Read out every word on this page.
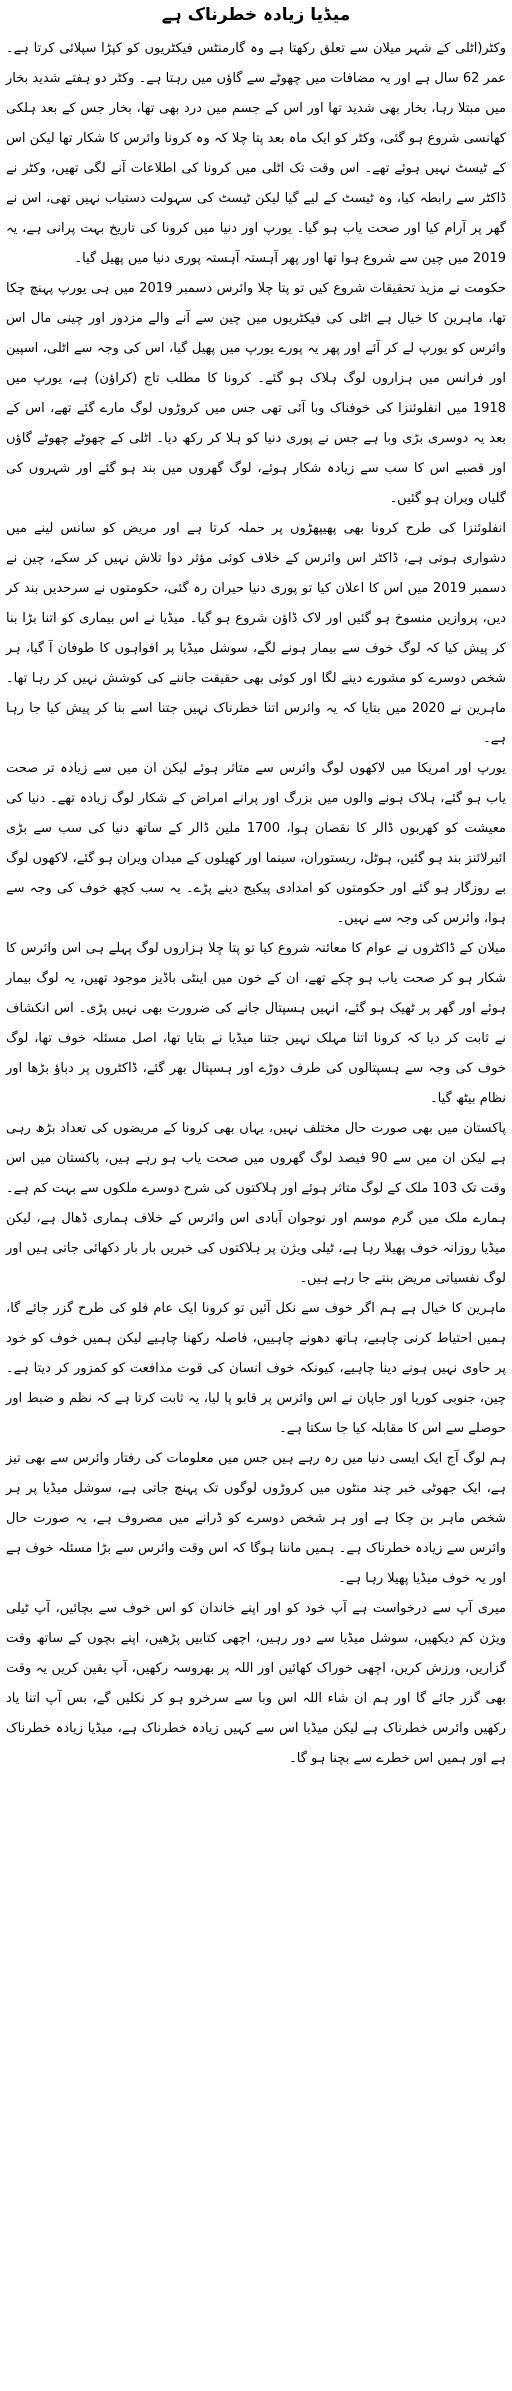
میڈیا زیادہ خطرناک ہے

وکٹر(اٹلی کے شہر میلان سے تعلق رکھتا ہے وہ گارمنٹس فیکٹریوں کو کپڑا سپلائی کرتا ہے۔ عمر 62 سال ہے اور یہ مضافات میں چھوٹے سے گاؤں میں رہتا ہے۔ وکٹر دو ہفتے شدید بخار میں مبتلا رہا، بخار بھی شدید تھا اور اس کے جسم میں درد بھی تھا، بخار جس کے بعد ہلکی کھانسی شروع ہو گئی، وکٹر کو ایک ماہ بعد پتا چلا کہ وہ کرونا وائرس کا شکار تھا لیکن اس کے ٹیسٹ نہیں ہوئے تھے۔ اس وقت تک اٹلی میں کرونا کی اطلاعات آنے لگی تھیں، وکٹر نے ڈاکٹر سے رابطہ کیا، وہ ٹیسٹ کے لیے گیا لیکن ٹیسٹ کی سہولت دستیاب نہیں تھی، اس نے گھر پر آرام کیا اور صحت یاب ہو گیا۔ یورپ اور دنیا میں کرونا کی تاریخ بہت پرانی ہے، یہ 2019 میں چین سے شروع ہوا تھا اور پھر آہستہ آہستہ پوری دنیا میں پھیل گیا۔

حکومت نے مزید تحقیقات شروع کیں تو پتا چلا وائرس دسمبر 2019 میں ہی یورپ پہنچ چکا تھا، ماہرین کا خیال ہے اٹلی کی فیکٹریوں میں چین سے آنے والے مزدور اور چینی مال اس وائرس کو یورپ لے کر آئے اور پھر یہ پورے یورپ میں پھیل گیا، اس کی وجہ سے اٹلی، اسپین اور فرانس میں ہزاروں لوگ ہلاک ہو گئے۔ کرونا کا مطلب تاج (کراؤن) ہے، یورپ میں 1918 میں انفلوئنزا کی خوفناک وبا آئی تھی جس میں کروڑوں لوگ مارے گئے تھے، اس کے بعد یہ دوسری بڑی وبا ہے جس نے پوری دنیا کو ہلا کر رکھ دیا۔ اٹلی کے چھوٹے چھوٹے گاؤں اور قصبے اس کا سب سے زیادہ شکار ہوئے، لوگ گھروں میں بند ہو گئے اور شہروں کی گلیاں ویران ہو گئیں۔

انفلوئنزا کی طرح کرونا بھی پھیپھڑوں پر حملہ کرتا ہے اور مریض کو سانس لینے میں دشواری ہوتی ہے، ڈاکٹر اس وائرس کے خلاف کوئی مؤثر دوا تلاش نہیں کر سکے، چین نے دسمبر 2019 میں اس کا اعلان کیا تو پوری دنیا حیران رہ گئی، حکومتوں نے سرحدیں بند کر دیں، پروازیں منسوخ ہو گئیں اور لاک ڈاؤن شروع ہو گیا۔ میڈیا نے اس بیماری کو اتنا بڑا بنا کر پیش کیا کہ لوگ خوف سے بیمار ہونے لگے، سوشل میڈیا پر افواہوں کا طوفان آ گیا، ہر شخص دوسرے کو مشورے دینے لگا اور کوئی بھی حقیقت جاننے کی کوشش نہیں کر رہا تھا۔ ماہرین نے 2020 میں بتایا کہ یہ وائرس اتنا خطرناک نہیں جتنا اسے بنا کر پیش کیا جا رہا ہے۔

یورپ اور امریکا میں لاکھوں لوگ وائرس سے متاثر ہوئے لیکن ان میں سے زیادہ تر صحت یاب ہو گئے، ہلاک ہونے والوں میں بزرگ اور پرانے امراض کے شکار لوگ زیادہ تھے۔ دنیا کی معیشت کو کھربوں ڈالر کا نقصان ہوا، 1700 ملین ڈالر کے ساتھ دنیا کی سب سے بڑی ائیرلائنز بند ہو گئیں، ہوٹل، ریستوران، سینما اور کھیلوں کے میدان ویران ہو گئے، لاکھوں لوگ بے روزگار ہو گئے اور حکومتوں کو امدادی پیکیج دینے پڑے۔ یہ سب کچھ خوف کی وجہ سے ہوا، وائرس کی وجہ سے نہیں۔

میلان کے ڈاکٹروں نے عوام کا معائنہ شروع کیا تو پتا چلا ہزاروں لوگ پہلے ہی اس وائرس کا شکار ہو کر صحت یاب ہو چکے تھے، ان کے خون میں اینٹی باڈیز موجود تھیں، یہ لوگ بیمار ہوئے اور گھر پر ٹھیک ہو گئے، انہیں ہسپتال جانے کی ضرورت بھی نہیں پڑی۔ اس انکشاف نے ثابت کر دیا کہ کرونا اتنا مہلک نہیں جتنا میڈیا نے بتایا تھا، اصل مسئلہ خوف تھا، لوگ خوف کی وجہ سے ہسپتالوں کی طرف دوڑے اور ہسپتال بھر گئے، ڈاکٹروں پر دباؤ بڑھا اور نظام بیٹھ گیا۔

پاکستان میں بھی صورت حال مختلف نہیں، یہاں بھی کرونا کے مریضوں کی تعداد بڑھ رہی ہے لیکن ان میں سے 90 فیصد لوگ گھروں میں صحت یاب ہو رہے ہیں، پاکستان میں اس وقت تک 103 ملک کے لوگ متاثر ہوئے اور ہلاکتوں کی شرح دوسرے ملکوں سے بہت کم ہے۔ ہمارے ملک میں گرم موسم اور نوجوان آبادی اس وائرس کے خلاف ہماری ڈھال ہے، لیکن میڈیا روزانہ خوف پھیلا رہا ہے، ٹیلی ویژن پر ہلاکتوں کی خبریں بار بار دکھائی جاتی ہیں اور لوگ نفسیاتی مریض بنتے جا رہے ہیں۔

ماہرین کا خیال ہے ہم اگر خوف سے نکل آئیں تو کرونا ایک عام فلو کی طرح گزر جائے گا، ہمیں احتیاط کرنی چاہیے، ہاتھ دھونے چاہییں، فاصلہ رکھنا چاہیے لیکن ہمیں خوف کو خود پر حاوی نہیں ہونے دینا چاہیے، کیونکہ خوف انسان کی قوت مدافعت کو کمزور کر دیتا ہے۔ چین، جنوبی کوریا اور جاپان نے اس وائرس پر قابو پا لیا، یہ ثابت کرتا ہے کہ نظم و ضبط اور حوصلے سے اس کا مقابلہ کیا جا سکتا ہے۔

ہم لوگ آج ایک ایسی دنیا میں رہ رہے ہیں جس میں معلومات کی رفتار وائرس سے بھی تیز ہے، ایک جھوٹی خبر چند منٹوں میں کروڑوں لوگوں تک پہنچ جاتی ہے، سوشل میڈیا پر ہر شخص ماہر بن چکا ہے اور ہر شخص دوسرے کو ڈرانے میں مصروف ہے، یہ صورت حال وائرس سے زیادہ خطرناک ہے۔ ہمیں ماننا ہوگا کہ اس وقت وائرس سے بڑا مسئلہ خوف ہے اور یہ خوف میڈیا پھیلا رہا ہے۔

میری آپ سے درخواست ہے آپ خود کو اور اپنے خاندان کو اس خوف سے بچائیں، آپ ٹیلی ویژن کم دیکھیں، سوشل میڈیا سے دور رہیں، اچھی کتابیں پڑھیں، اپنے بچوں کے ساتھ وقت گزاریں، ورزش کریں، اچھی خوراک کھائیں اور اللہ پر بھروسہ رکھیں، آپ یقین کریں یہ وقت بھی گزر جائے گا اور ہم ان شاء اللہ اس وبا سے سرخرو ہو کر نکلیں گے، بس آپ اتنا یاد رکھیں وائرس خطرناک ہے لیکن میڈیا اس سے کہیں زیادہ خطرناک ہے، میڈیا زیادہ خطرناک ہے اور ہمیں اس خطرے سے بچنا ہو گا۔
